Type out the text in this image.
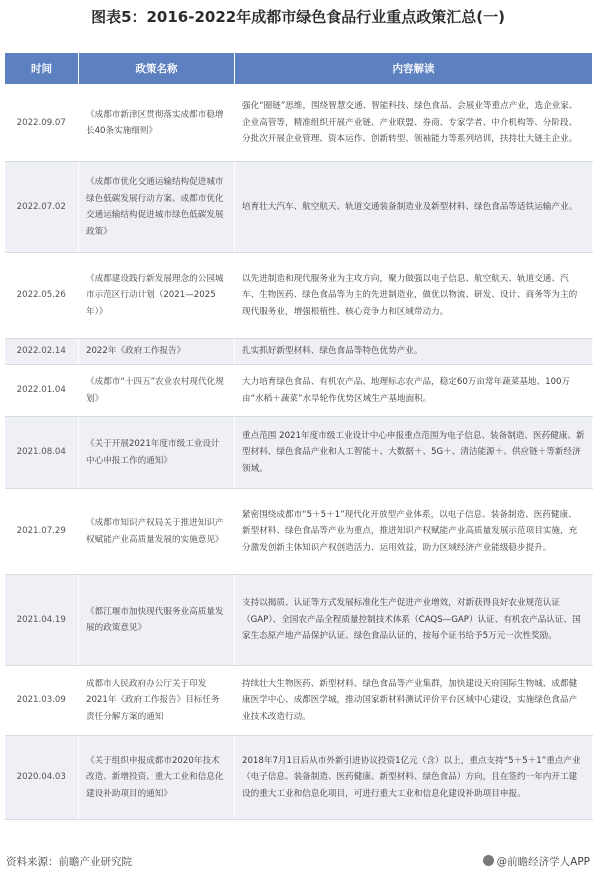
图表5：2016-2022年成都市绿色食品行业重点政策汇总(一)
时间	政策名称	内容解读
2022.09.07	《成都市新津区贯彻落实成都市稳增长40条实施细则》	强化“圈链”思维，围绕智慧交通、智能科技、绿色食品、会展业等重点产业，选企业家、企业高管等，精准组织开展产业链、产业联盟、券商、专家学者、中介机构等、分阶段、分批次开展企业管理、资本运作、创新转型、领袖能力等系列培训，扶持壮大链主企业。
2022.07.02	《成都市优化交通运输结构促进城市绿色低碳发展行动方案、成都市优化交通运输结构促进城市绿色低碳发展政策》	培育壮大汽车、航空航天、轨道交通装备制造业及新型材料、绿色食品等适铁运输产业。
2022.05.26	《成都建设践行新发展理念的公园城市示范区行动计划（2021—2025年）》	以先进制造和现代服务业为主攻方向，聚力做强以电子信息、航空航天、轨道交通、汽车、生物医药、绿色食品等为主的先进制造业，做优以物流、研发、设计、商务等为主的现代服务业，增强根植性、核心竞争力和区域带动力。
2022.02.14	2022年《政府工作报告》	扎实抓好新型材料、绿色食品等特色优势产业。
2022.01.04	《成都市“十四五”农业农村现代化规划》	大力培育绿色食品、有机农产品、地理标志农产品，稳定60万亩常年蔬菜基地、100万亩“水稻＋蔬菜”水旱轮作优势区域生产基地面积。
2021.08.04	《关于开展2021年度市级工业设计中心申报工作的通知》	重点范围 2021年度市级工业设计中心申报重点范围为电子信息、装备制造、医药健康、新型材料、绿色食品产业和人工智能＋、大数据＋、5G＋、清洁能源＋、供应链＋等新经济领域。
2021.07.29	《成都市知识产权局关于推进知识产权赋能产业高质量发展的实施意见》	紧密围绕成都市“5＋5＋1”现代化开放型产业体系，以电子信息、装备制造、医药健康、新型材料、绿色食品等产业为重点，推进知识产权赋能产业高质量发展示范项目实施，充分激发创新主体知识产权创造活力、运用效益，助力区域经济产业能级稳步提升。
2021.04.19	《都江堰市加快现代服务业高质量发展的政策意见》	支持以揭质、认证等方式发展标准化生产促进产业增效，对新获得良好农业规范认证（GAP）、全国农产品全程质量控制技术体系（CAQS—GAP）认证、有机农产品认证、国家生态原产地产品保护认证、绿色食品认证的，按每个证书给予5万元一次性奖励。
2021.03.09	成都市人民政府办公厅关于印发2021年《政府工作报告》目标任务责任分解方案的通知	持续壮大生物医药、新型材料、绿色食品等产业集群，加快建设天府国际生物城、成都健康医学中心、成都医学城，推动国家新材料测试评价平台区域中心建设，实施绿色食品产业技术改造行动。
2020.04.03	《关于组织申报成都市2020年技术改造、新增投资、重大工业和信息化建设补助项目的通知》	2018年7月1日后从市外新引进协议投资1亿元（含）以上，重点支持“5＋5＋1”重点产业（电子信息、装备制造、医药健康、新型材料、绿色食品）方向，且在签约一年内开工建设的重大工业和信息化项目，可进行重大工业和信息化建设补助项目申报。
资料来源：前瞻产业研究院	@前瞻经济学人APP
